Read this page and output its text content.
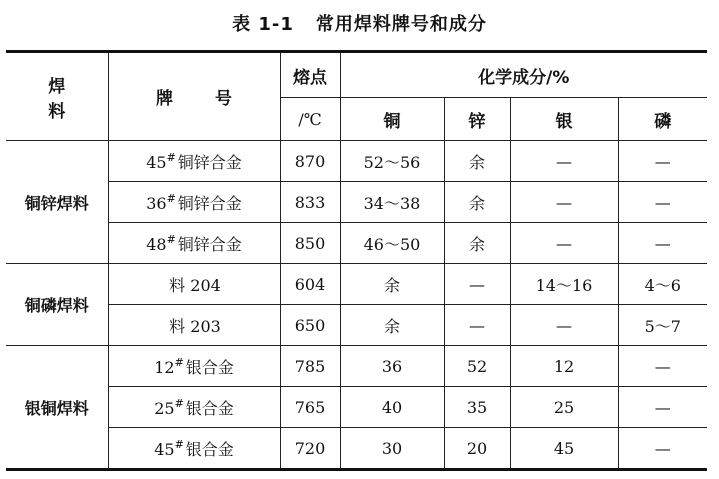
表 1-1 常用焊料牌号和成分
焊 料	牌 号	熔点	化学成分/%			
		/℃	铜	锌	银	磷
铜锌焊料	45# 铜锌合金	870	52～56	余	—	—
	36# 铜锌合金	833	34～38	余	—	—
	48# 铜锌合金	850	46～50	余	—	—
铜磷焊料	料 204	604	余	—	14～16	4～6
	料 203	650	余	—	—	5～7
银铜焊料	12# 银合金	785	36	52	12	—
	25# 银合金	765	40	35	25	—
	45# 银合金	720	30	20	45	—
